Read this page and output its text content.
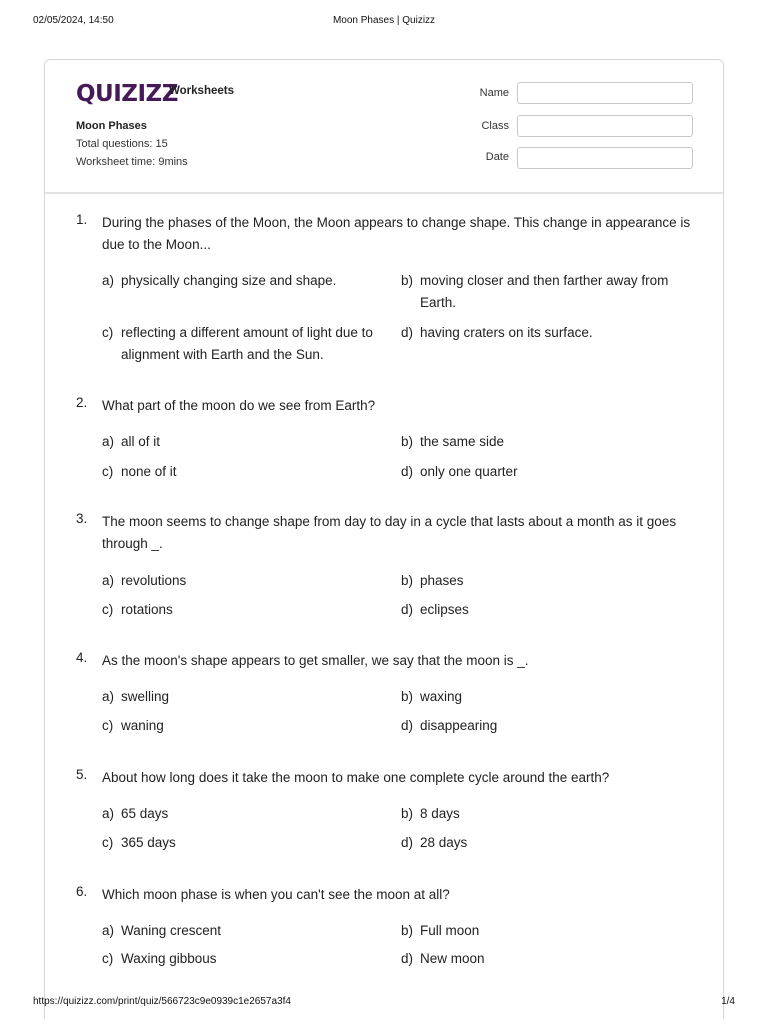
02/05/2024, 14:50	Moon Phases | Quizizz
QUIZIZZ
Worksheets
Moon Phases
Total questions: 15
Worksheet time: 9mins
Name
Class
Date
1. During the phases of the Moon, the Moon appears to change shape. This change in appearance is due to the Moon...
a) physically changing size and shape.	b) moving closer and then farther away from Earth.
c) reflecting a different amount of light due to alignment with Earth and the Sun.
d) having craters on its surface.
2. What part of the moon do we see from Earth?
a) all of it	b) the same side
c) none of it	d) only one quarter
3. The moon seems to change shape from day to day in a cycle that lasts about a month as it goes through _.
a) revolutions	b) phases
c) rotations	d) eclipses
4. As the moon's shape appears to get smaller, we say that the moon is _.
a) swelling	b) waxing
c) waning	d) disappearing
5. About how long does it take the moon to make one complete cycle around the earth?
a) 65 days	b) 8 days
c) 365 days	d) 28 days
6. Which moon phase is when you can't see the moon at all?
a) Waning crescent	b) Full moon
c) Waxing gibbous	d) New moon
https://quizizz.com/print/quiz/566723c9e0939c1e2657a3f4	1/4
